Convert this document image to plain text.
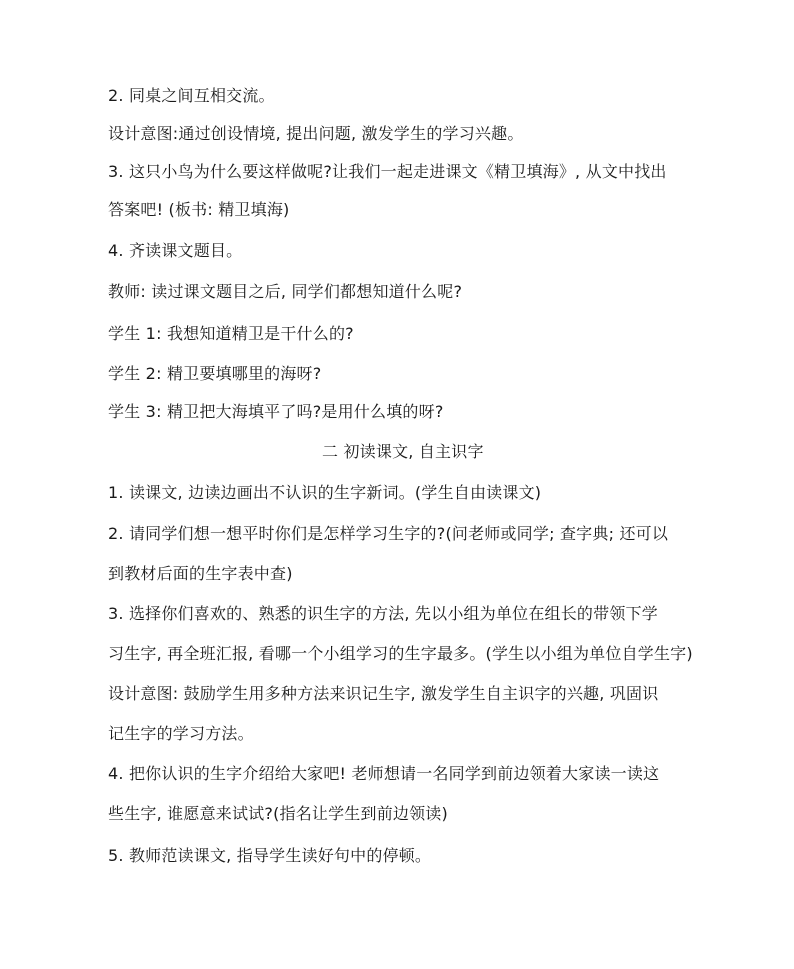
2. 同桌之间互相交流。
设计意图:通过创设情境, 提出问题, 激发学生的学习兴趣。
3. 这只小鸟为什么要这样做呢?让我们一起走进课文《精卫填海》, 从文中找出
答案吧! (板书: 精卫填海)
4. 齐读课文题目。
教师: 读过课文题目之后, 同学们都想知道什么呢?
学生 1: 我想知道精卫是干什么的?
学生 2: 精卫要填哪里的海呀?
学生 3: 精卫把大海填平了吗?是用什么填的呀?
二 初读课文, 自主识字
1. 读课文, 边读边画出不认识的生字新词。(学生自由读课文)
2. 请同学们想一想平时你们是怎样学习生字的?(问老师或同学; 查字典; 还可以
到教材后面的生字表中查)
3. 选择你们喜欢的、熟悉的识生字的方法, 先以小组为单位在组长的带领下学
习生字, 再全班汇报, 看哪一个小组学习的生字最多。(学生以小组为单位自学生字)
设计意图: 鼓励学生用多种方法来识记生字, 激发学生自主识字的兴趣, 巩固识
记生字的学习方法。
4. 把你认识的生字介绍给大家吧! 老师想请一名同学到前边领着大家读一读这
些生字, 谁愿意来试试?(指名让学生到前边领读)
5. 教师范读课文, 指导学生读好句中的停顿。
